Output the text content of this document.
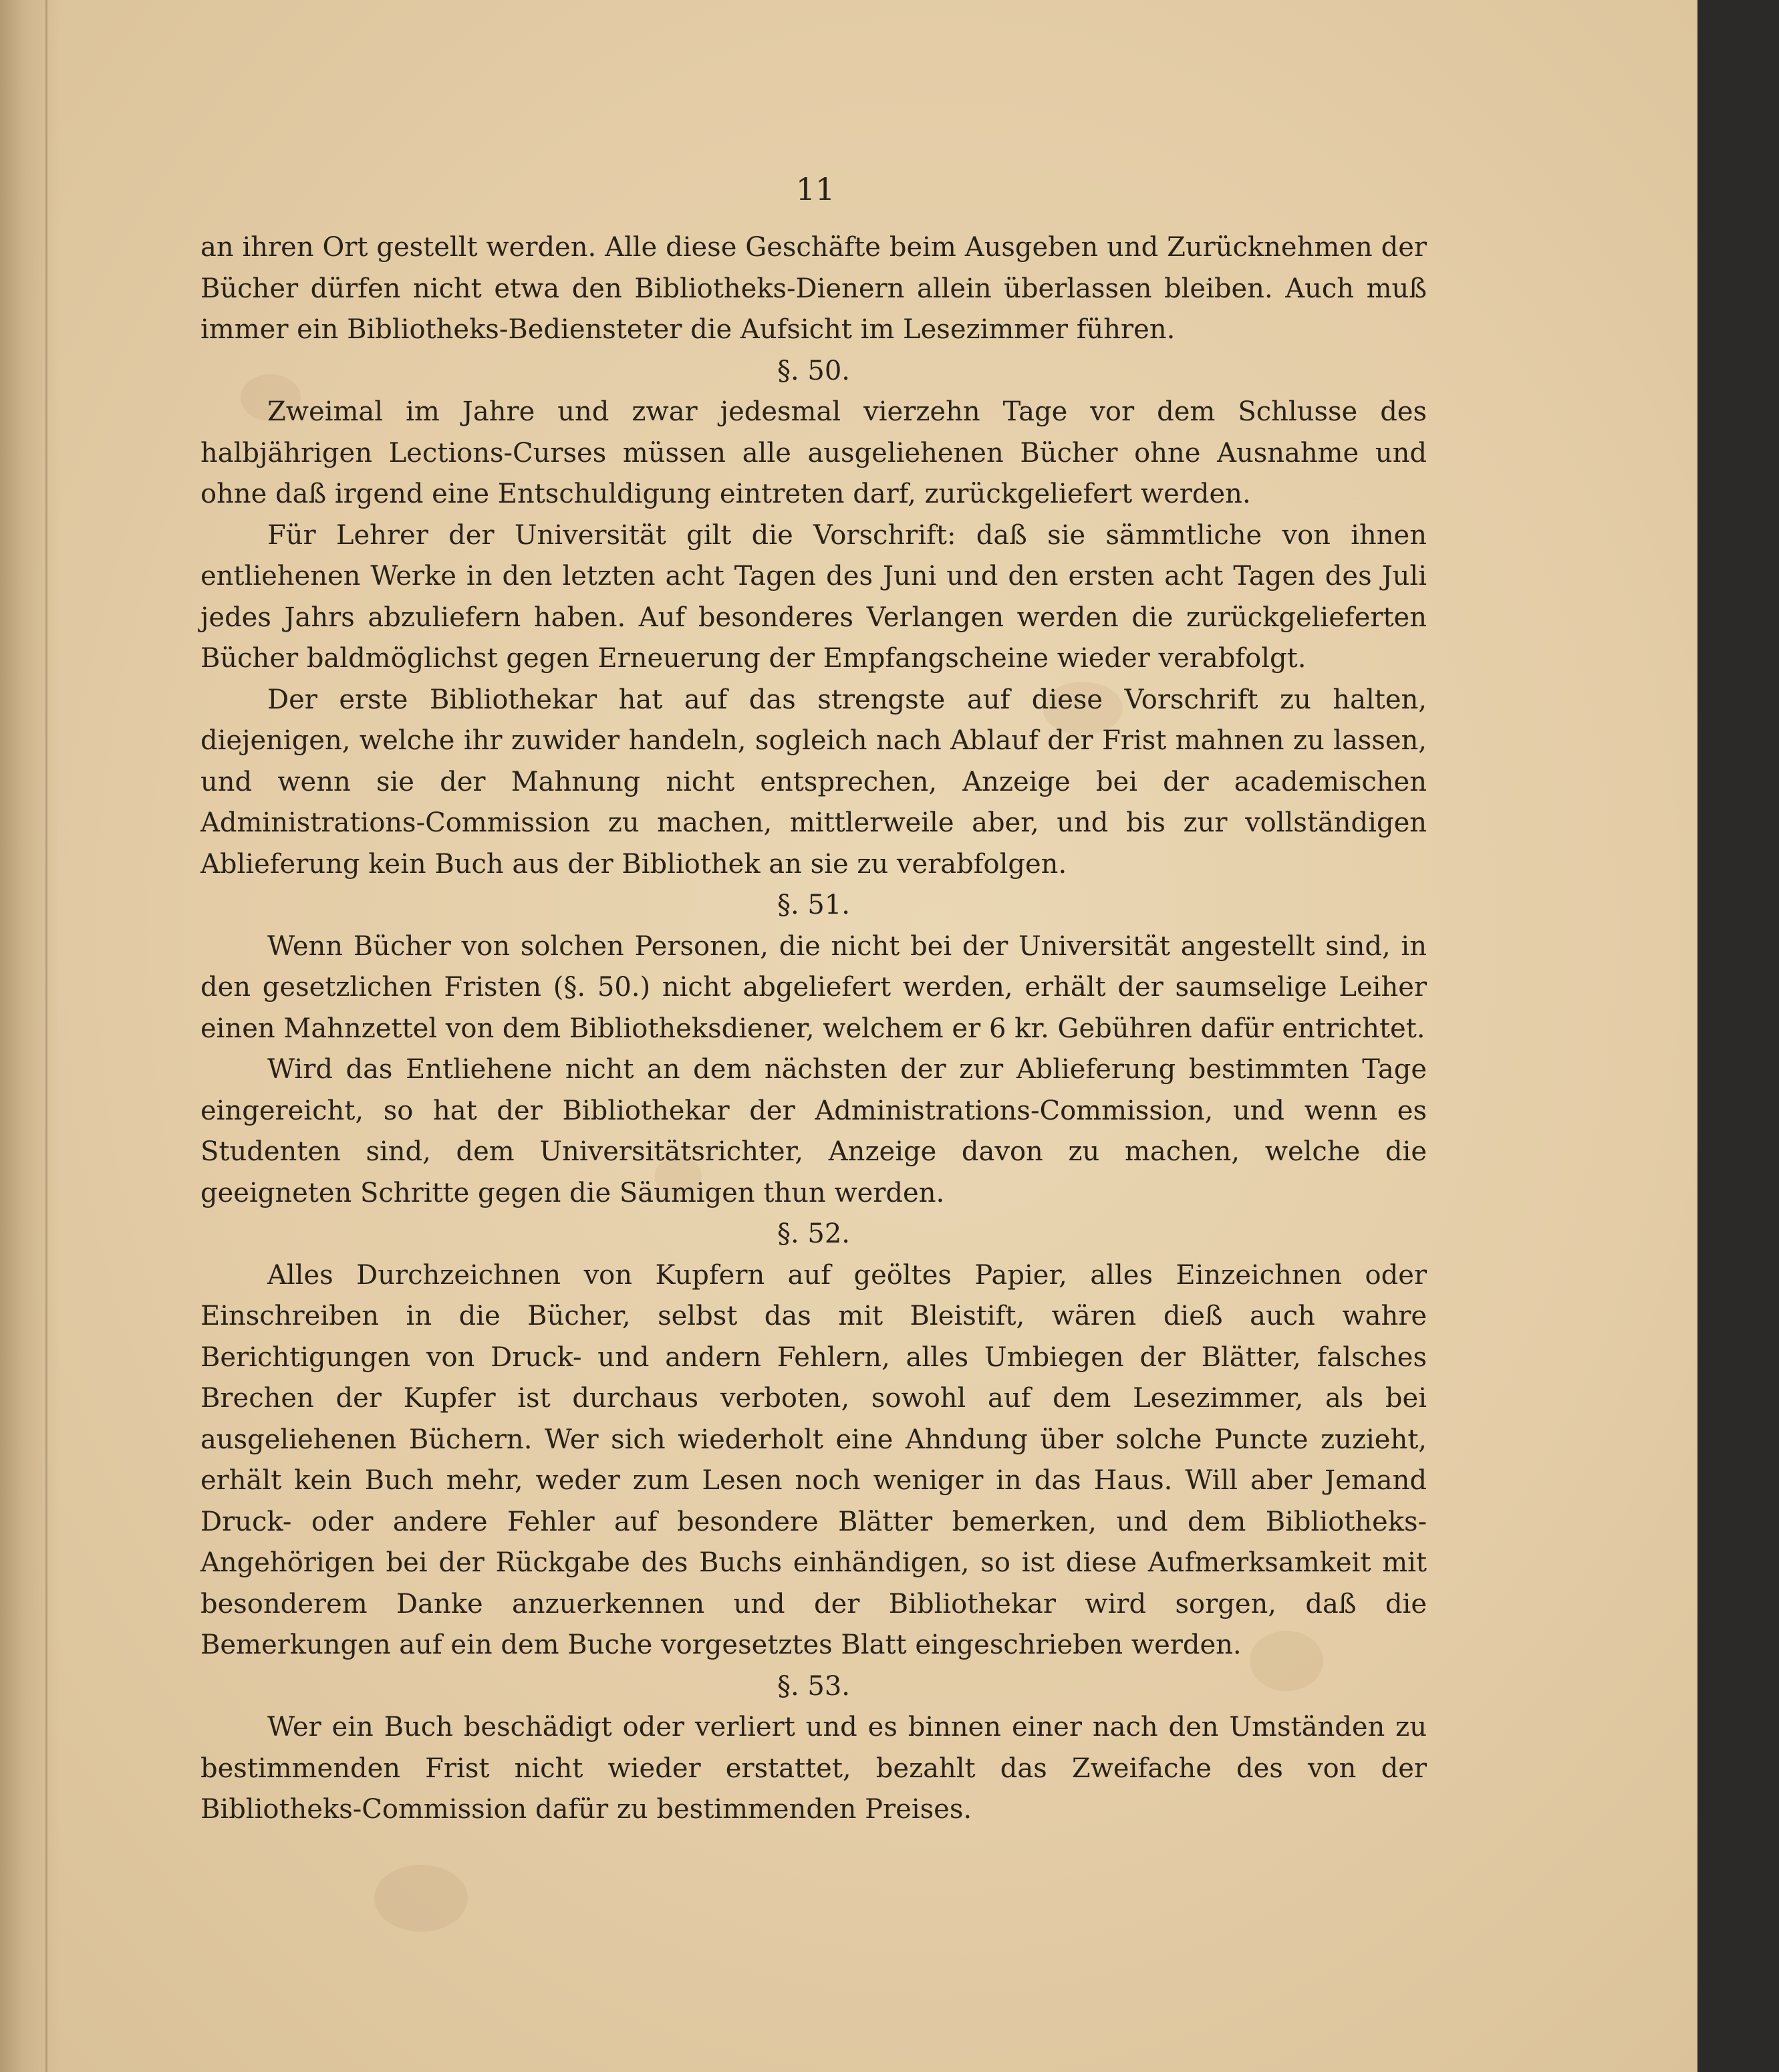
11

an ihren Ort gestellt werden. Alle diese Geschäfte beim Ausgeben und Zurücknehmen der Bücher dürfen nicht etwa den Bibliotheks-Dienern allein überlassen bleiben. Auch muß immer ein Bibliotheks-Bediensteter die Aufsicht im Lesezimmer führen.

§. 50.

Zweimal im Jahre und zwar jedesmal vierzehn Tage vor dem Schlusse des halbjährigen Lections-Curses müssen alle ausgeliehenen Bücher ohne Ausnahme und ohne daß irgend eine Entschuldigung eintreten darf, zurückgeliefert werden.

Für Lehrer der Universität gilt die Vorschrift: daß sie sämmtliche von ihnen entliehenen Werke in den letzten acht Tagen des Juni und den ersten acht Tagen des Juli jedes Jahrs abzuliefern haben. Auf besonderes Verlangen werden die zurückgelieferten Bücher baldmöglichst gegen Erneuerung der Empfangscheine wieder verabfolgt.

Der erste Bibliothekar hat auf das strengste auf diese Vorschrift zu halten, diejenigen, welche ihr zuwider handeln, sogleich nach Ablauf der Frist mahnen zu lassen, und wenn sie der Mahnung nicht entsprechen, Anzeige bei der academischen Administrations-Commission zu machen, mittlerweile aber, und bis zur vollständigen Ablieferung kein Buch aus der Bibliothek an sie zu verabfolgen.

§. 51.

Wenn Bücher von solchen Personen, die nicht bei der Universität angestellt sind, in den gesetzlichen Fristen (§. 50.) nicht abgeliefert werden, erhält der saumselige Leiher einen Mahnzettel von dem Bibliotheksdiener, welchem er 6 kr. Gebühren dafür entrichtet.

Wird das Entliehene nicht an dem nächsten der zur Ablieferung bestimmten Tage eingereicht, so hat der Bibliothekar der Administrations-Commission, und wenn es Studenten sind, dem Universitätsrichter, Anzeige davon zu machen, welche die geeigneten Schritte gegen die Säumigen thun werden.

§. 52.

Alles Durchzeichnen von Kupfern auf geöltes Papier, alles Einzeichnen oder Einschreiben in die Bücher, selbst das mit Bleistift, wären dieß auch wahre Berichtigungen von Druck- und andern Fehlern, alles Umbiegen der Blätter, falsches Brechen der Kupfer ist durchaus verboten, sowohl auf dem Lesezimmer, als bei ausgeliehenen Büchern. Wer sich wiederholt eine Ahndung über solche Puncte zuzieht, erhält kein Buch mehr, weder zum Lesen noch weniger in das Haus. Will aber Jemand Druck- oder andere Fehler auf besondere Blätter bemerken, und dem Bibliotheks-Angehörigen bei der Rückgabe des Buchs einhändigen, so ist diese Aufmerksamkeit mit besonderem Danke anzuerkennen und der Bibliothekar wird sorgen, daß die Bemerkungen auf ein dem Buche vorgesetztes Blatt eingeschrieben werden.

§. 53.

Wer ein Buch beschädigt oder verliert und es binnen einer nach den Umständen zu bestimmenden Frist nicht wieder erstattet, bezahlt das Zweifache des von der Bibliotheks-Commission dafür zu bestimmenden Preises.
